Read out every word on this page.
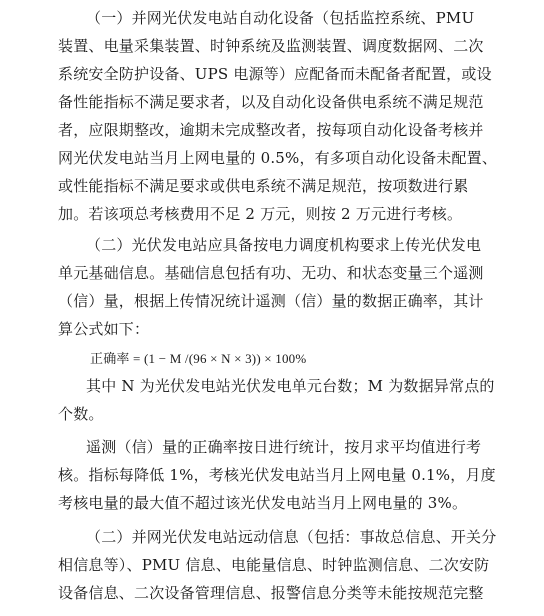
（一）并网光伏发电站自动化设备（包括监控系统、PMU
装置、电量采集装置、时钟系统及监测装置、调度数据网、二次
系统安全防护设备、UPS 电源等）应配备而未配备者配置，或设
备性能指标不满足要求者，以及自动化设备供电系统不满足规范
者，应限期整改，逾期未完成整改者，按每项自动化设备考核并
网光伏发电站当月上网电量的 0.5%，有多项自动化设备未配置、
或性能指标不满足要求或供电系统不满足规范，按项数进行累
加。若该项总考核费用不足 2 万元，则按 2 万元进行考核。
（二）光伏发电站应具备按电力调度机构要求上传光伏发电
单元基础信息。基础信息包括有功、无功、和状态变量三个遥测
（信）量，根据上传情况统计遥测（信）量的数据正确率，其计
算公式如下：
正确率 = (1 − M /(96 × N × 3)) × 100%
其中 N 为光伏发电站光伏发电单元台数；M 为数据异常点的
个数。
遥测（信）量的正确率按日进行统计，按月求平均值进行考
核。指标每降低 1%，考核光伏发电站当月上网电量 0.1%，月度
考核电量的最大值不超过该光伏发电站当月上网电量的 3%。
（二）并网光伏发电站远动信息（包括：事故总信息、开关分
相信息等）、PMU 信息、电能量信息、时钟监测信息、二次安防
设备信息、二次设备管理信息、报警信息分类等未能按规范完整
